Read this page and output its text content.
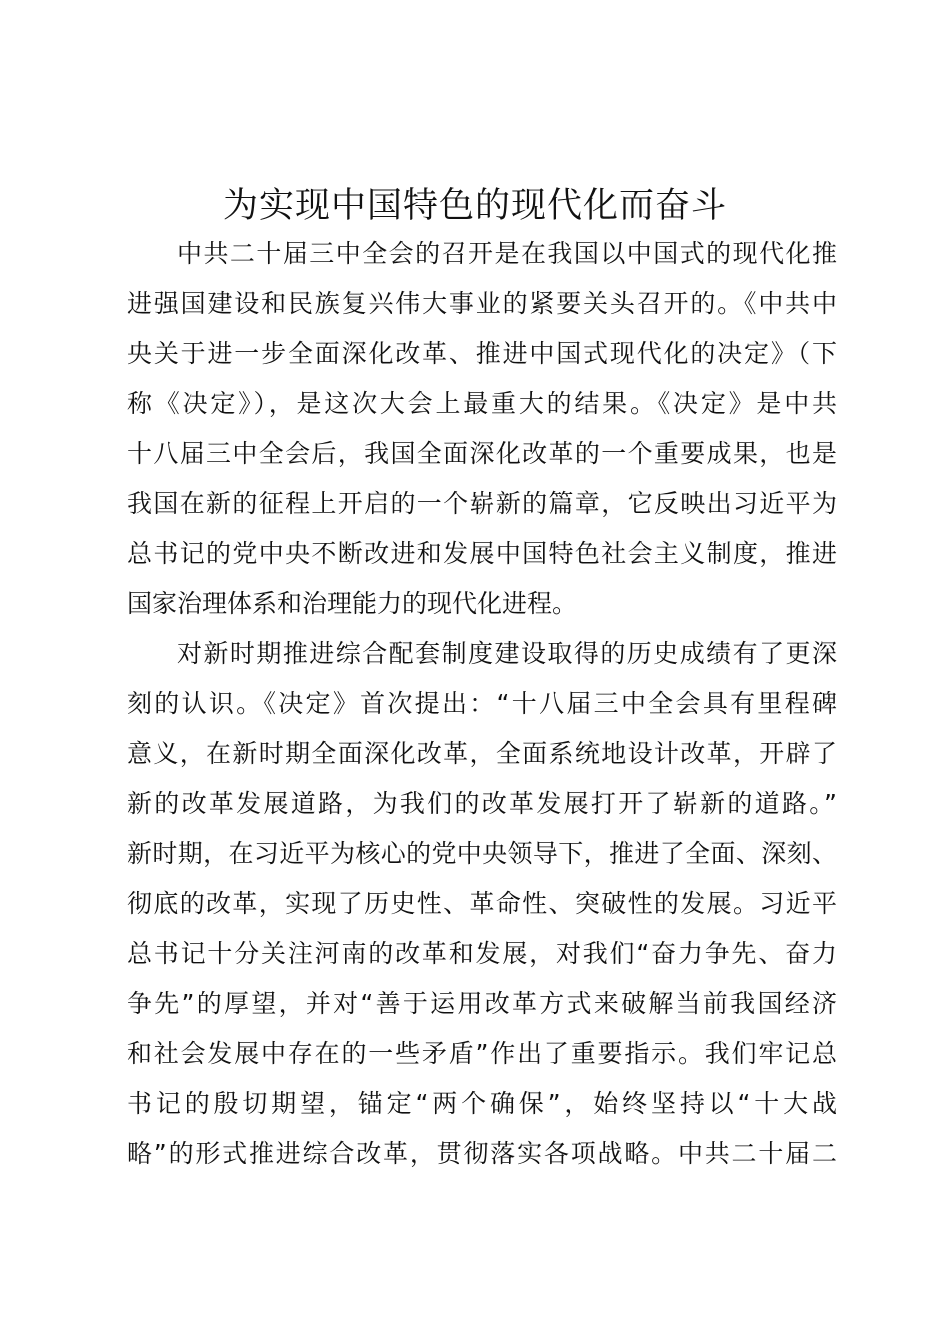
为实现中国特色的现代化而奋斗

中共二十届三中全会的召开是在我国以中国式的现代化推

进强国建设和民族复兴伟大事业的紧要关头召开的。《中共中

央关于进一步全面深化改革、推进中国式现代化的决定》（下

称《决定》），是这次大会上最重大的结果。《决定》是中共

十八届三中全会后，我国全面深化改革的一个重要成果，也是

我国在新的征程上开启的一个崭新的篇章，它反映出习近平为

总书记的党中央不断改进和发展中国特色社会主义制度，推进

国家治理体系和治理能力的现代化进程。

对新时期推进综合配套制度建设取得的历史成绩有了更深

刻的认识。《决定》首次提出：“十八届三中全会具有里程碑

意义，在新时期全面深化改革，全面系统地设计改革，开辟了

新的改革发展道路，为我们的改革发展打开了崭新的道路。”

新时期，在习近平为核心的党中央领导下，推进了全面、深刻、

彻底的改革，实现了历史性、革命性、突破性的发展。习近平

总书记十分关注河南的改革和发展，对我们“奋力争先、奋力

争先”的厚望，并对“善于运用改革方式来破解当前我国经济

和社会发展中存在的一些矛盾”作出了重要指示。我们牢记总

书记的殷切期望，锚定“两个确保”，始终坚持以“十大战

略”的形式推进综合改革，贯彻落实各项战略。中共二十届二
